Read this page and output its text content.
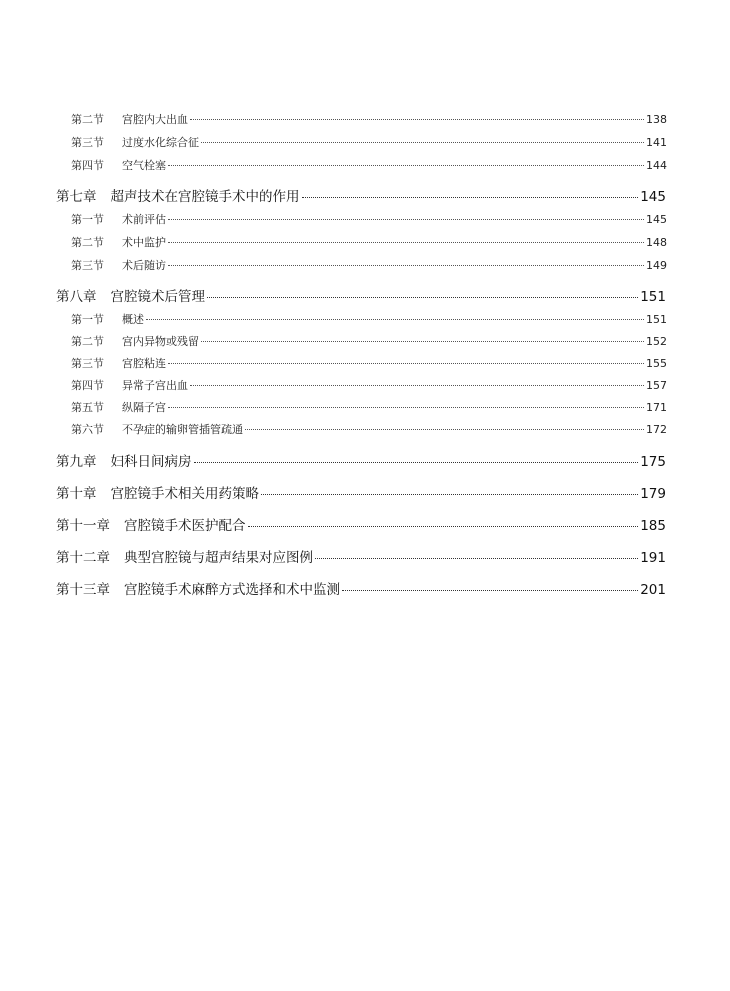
第二节	宫腔内大出血	138
第三节	过度水化综合征	141
第四节	空气栓塞	144
第七章 超声技术在宫腔镜手术中的作用	145
第一节	术前评估	145
第二节	术中监护	148
第三节	术后随访	149
第八章 宫腔镜术后管理	151
第一节	概述	151
第二节	宫内异物或残留	152
第三节	宫腔粘连	155
第四节	异常子宫出血	157
第五节	纵隔子宫	171
第六节	不孕症的输卵管插管疏通	172
第九章 妇科日间病房	175
第十章 宫腔镜手术相关用药策略	179
第十一章 宫腔镜手术医护配合	185
第十二章 典型宫腔镜与超声结果对应图例	191
第十三章 宫腔镜手术麻醉方式选择和术中监测	201
